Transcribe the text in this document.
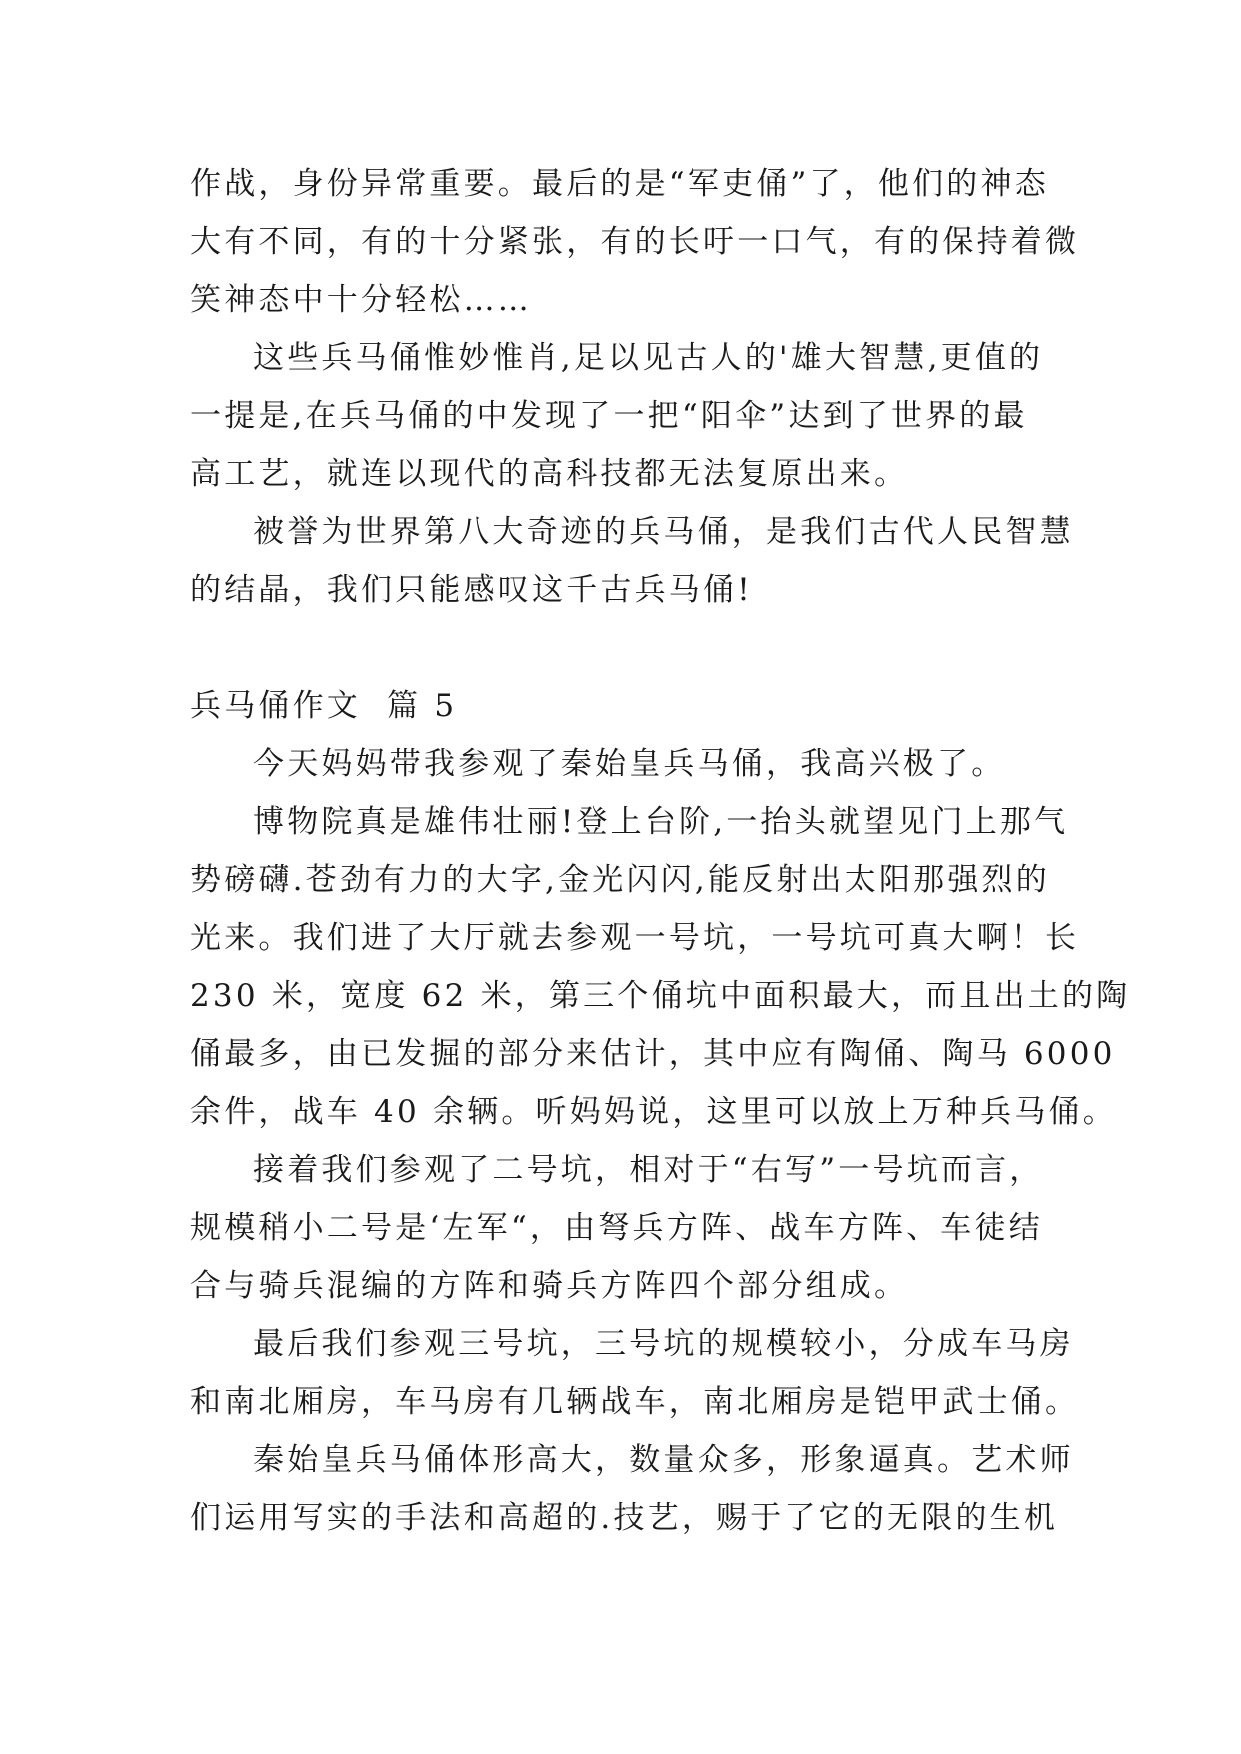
作战，身份异常重要。最后的是“军吏俑”了，他们的神态
大有不同，有的十分紧张，有的长吁一口气，有的保持着微
笑神态中十分轻松……
这些兵马俑惟妙惟肖,足以见古人的'雄大智慧,更值的
一提是,在兵马俑的中发现了一把“阳伞”达到了世界的最
高工艺，就连以现代的高科技都无法复原出来。
被誉为世界第八大奇迹的兵马俑，是我们古代人民智慧
的结晶，我们只能感叹这千古兵马俑!
兵马俑作文  篇 5
今天妈妈带我参观了秦始皇兵马俑，我高兴极了。
博物院真是雄伟壮丽!登上台阶,一抬头就望见门上那气
势磅礴.苍劲有力的大字,金光闪闪,能反射出太阳那强烈的
光来。我们进了大厅就去参观一号坑，一号坑可真大啊！长
230 米，宽度 62 米，第三个俑坑中面积最大，而且出土的陶
俑最多，由已发掘的部分来估计，其中应有陶俑、陶马 6000
余件，战车 40 余辆。听妈妈说，这里可以放上万种兵马俑。
接着我们参观了二号坑，相对于“右写”一号坑而言，
规模稍小二号是‘左军“，由弩兵方阵、战车方阵、车徒结
合与骑兵混编的方阵和骑兵方阵四个部分组成。
最后我们参观三号坑，三号坑的规模较小，分成车马房
和南北厢房，车马房有几辆战车，南北厢房是铠甲武士俑。
秦始皇兵马俑体形高大，数量众多，形象逼真。艺术师
们运用写实的手法和高超的.技艺，赐于了它的无限的生机
